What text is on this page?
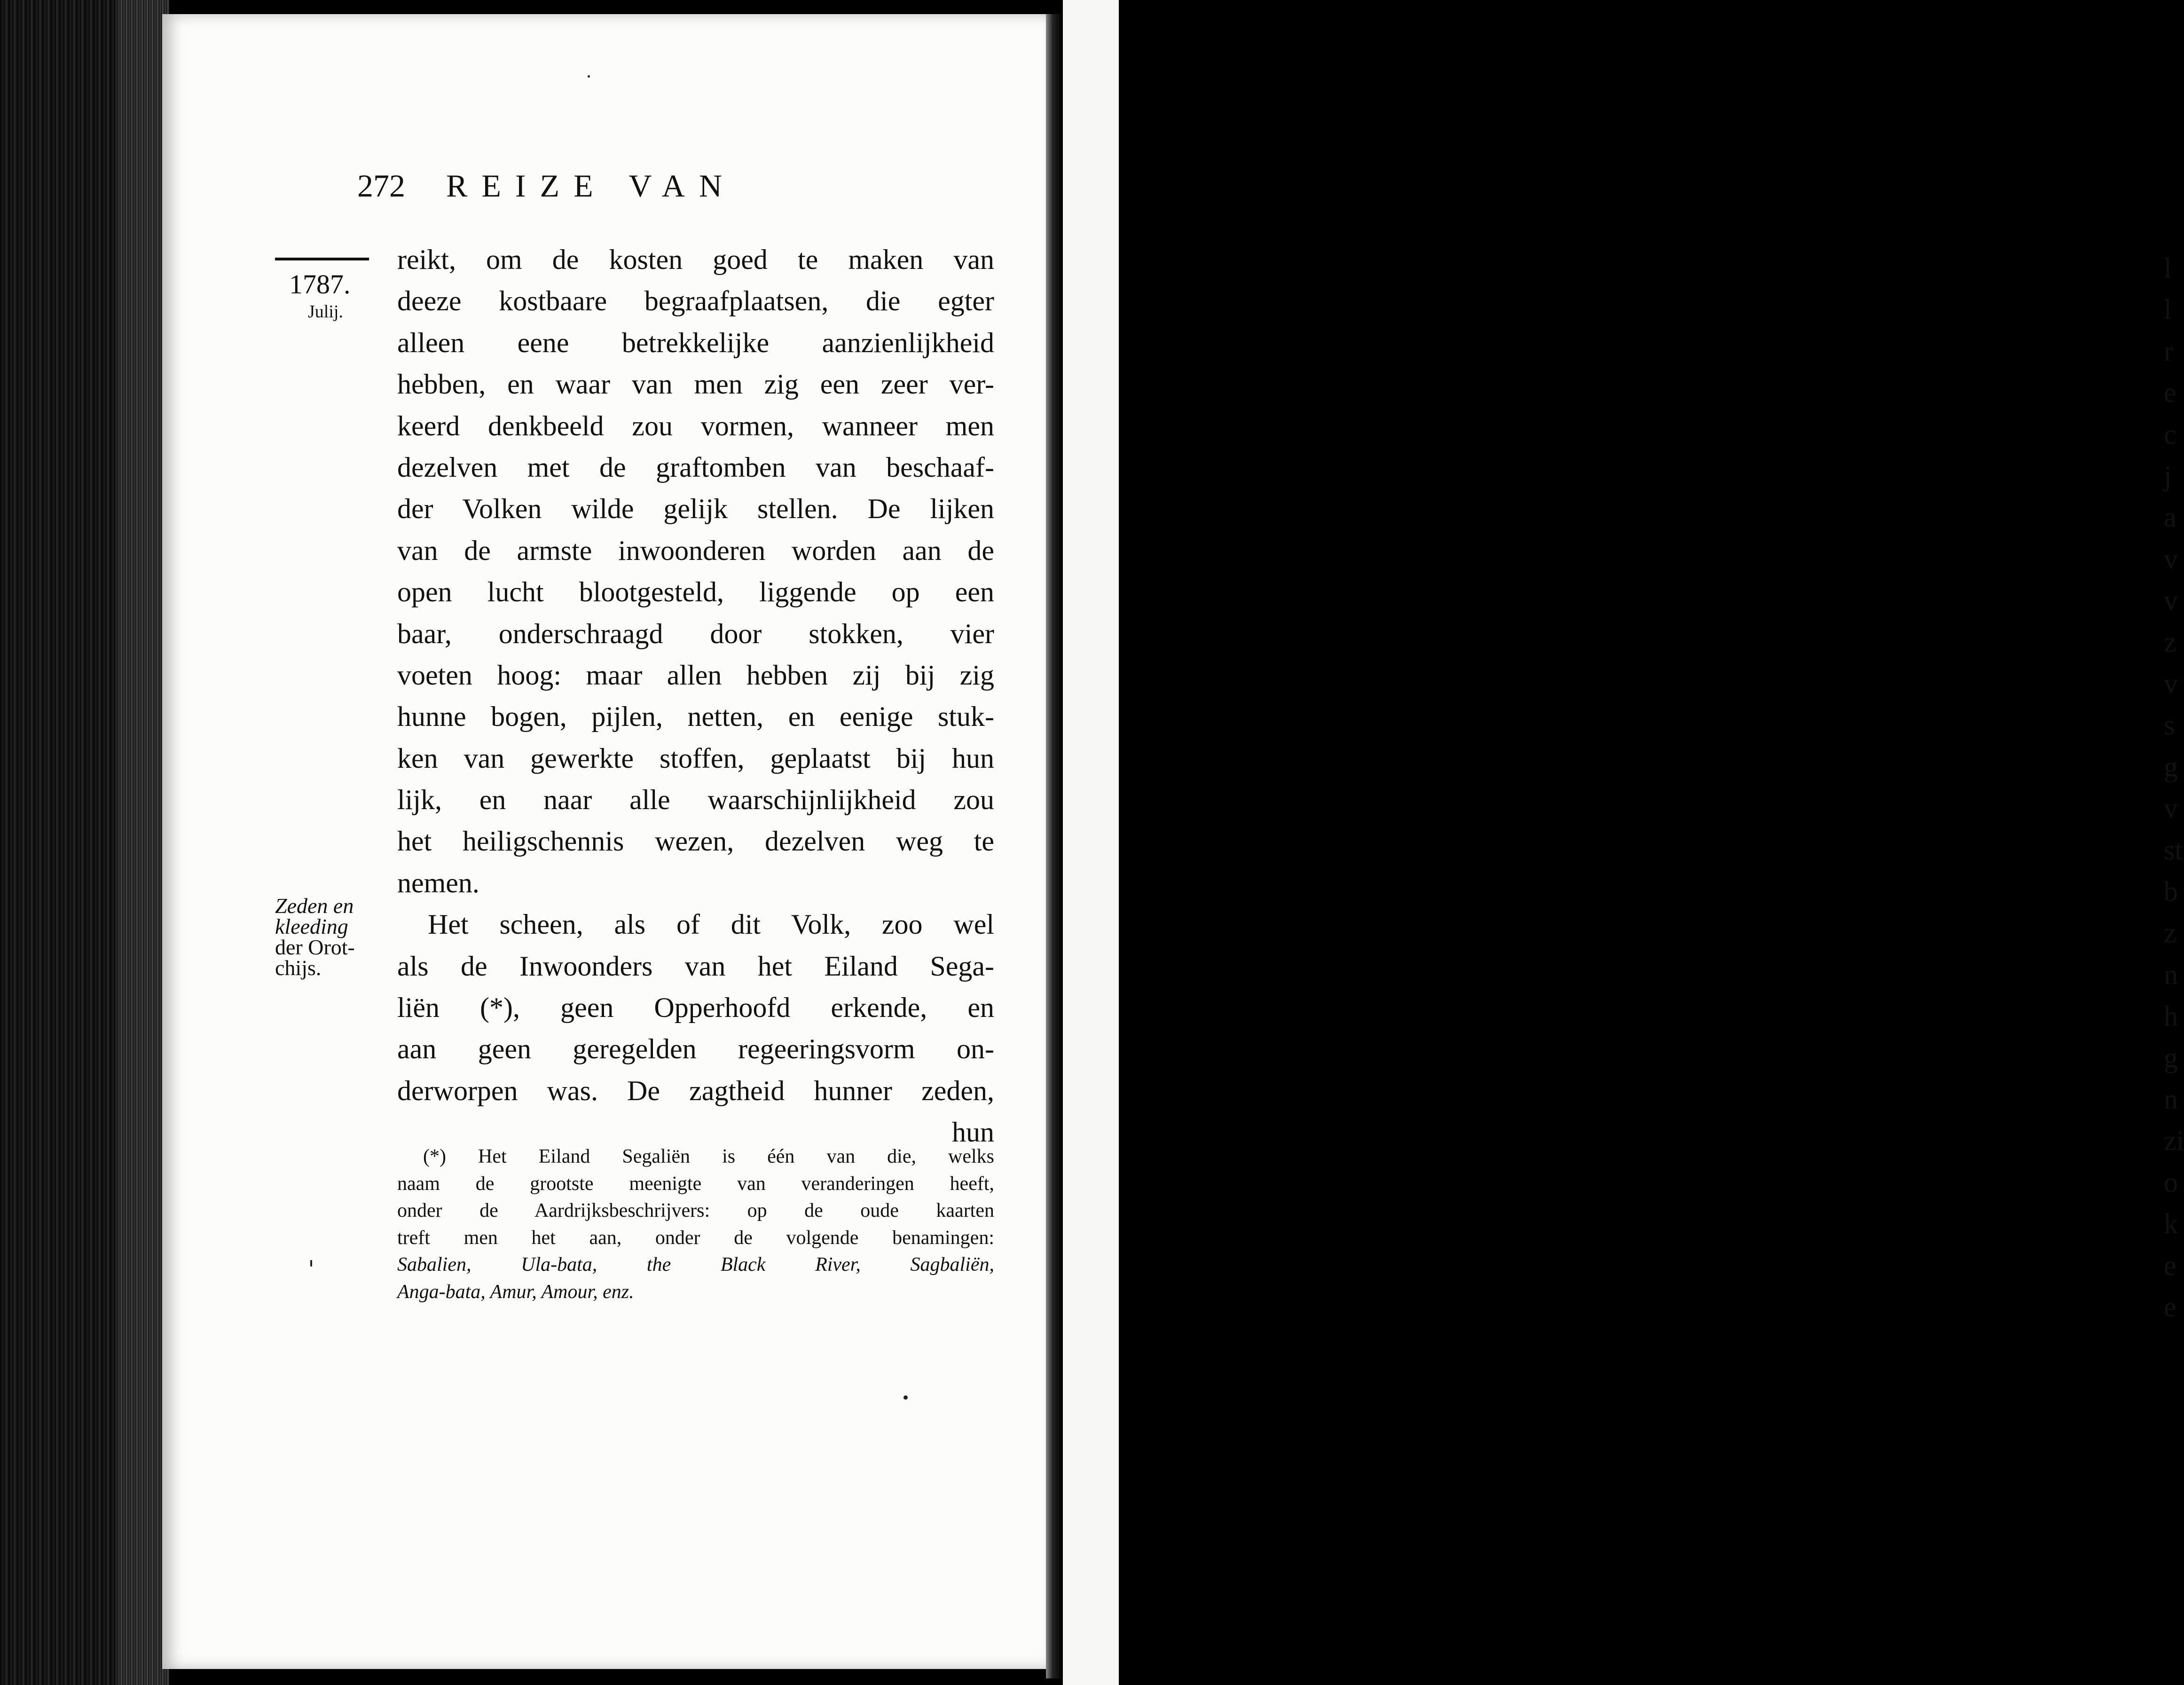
l
l
r
e
c
j
a
v
v
z
v
s
g
v
st
b
z
n
h
g
n
zi
o
k
e
e
272 REIZE VAN
1787.
Julij.
reikt, om de kosten goed te maken van
deeze kostbaare begraafplaatsen, die egter
alleen eene betrekkelijke aanzienlijkheid
hebben, en waar van men zig een zeer ver-
keerd denkbeeld zou vormen, wanneer men
dezelven met de graftomben van beschaaf-
der Volken wilde gelijk stellen. De lijken
van de armste inwoonderen worden aan de
open lucht blootgesteld, liggende op een
baar, onderschraagd door stokken, vier
voeten hoog: maar allen hebben zij bij zig
hunne bogen, pijlen, netten, en eenige stuk-
ken van gewerkte stoffen, geplaatst bij hun
lijk, en naar alle waarschijnlijkheid zou
het heiligschennis wezen, dezelven weg te
nemen.
Het scheen, als of dit Volk, zoo wel
als de Inwoonders van het Eiland Sega-
liën (*), geen Opperhoofd erkende, en
aan geen geregelden regeeringsvorm on-
derworpen was. De zagtheid hunner zeden,
hun
Zeden en
kleeding
der Orot-
chijs.
(*) Het Eiland Segaliën is één van die, welks
naam de grootste meenigte van veranderingen heeft,
onder de Aardrijksbeschrijvers: op de oude kaarten
treft men het aan, onder de volgende benamingen:
Sabalien, Ula-bata, the Black River, Sagbaliën,
Anga-bata, Amur, Amour, enz.
